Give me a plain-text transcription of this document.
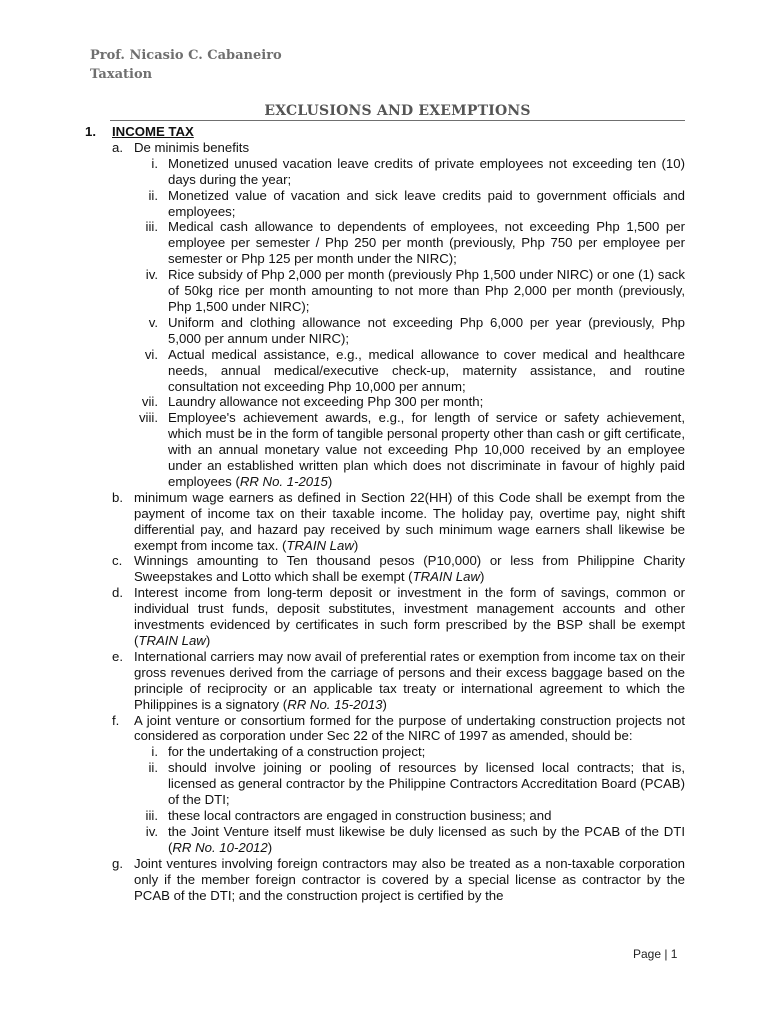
Prof. Nicasio C. Cabaneiro
Taxation
EXCLUSIONS AND EXEMPTIONS
1.	INCOME TAX
a. De minimis benefits
i. Monetized unused vacation leave credits of private employees not exceeding ten (10) days during the year;
ii. Monetized value of vacation and sick leave credits paid to government officials and employees;
iii. Medical cash allowance to dependents of employees, not exceeding Php 1,500 per employee per semester / Php 250 per month (previously, Php 750 per employee per semester or Php 125 per month under the NIRC);
iv. Rice subsidy of Php 2,000 per month (previously Php 1,500 under NIRC) or one (1) sack of 50kg rice per month amounting to not more than Php 2,000 per month (previously, Php 1,500 under NIRC);
v. Uniform and clothing allowance not exceeding Php 6,000 per year (previously, Php 5,000 per annum under NIRC);
vi. Actual medical assistance, e.g., medical allowance to cover medical and healthcare needs, annual medical/executive check-up, maternity assistance, and routine consultation not exceeding Php 10,000 per annum;
vii. Laundry allowance not exceeding Php 300 per month;
viii. Employee's achievement awards, e.g., for length of service or safety achievement, which must be in the form of tangible personal property other than cash or gift certificate, with an annual monetary value not exceeding Php 10,000 received by an employee under an established written plan which does not discriminate in favour of highly paid employees (RR No. 1-2015)
b. minimum wage earners as defined in Section 22(HH) of this Code shall be exempt from the payment of income tax on their taxable income. The holiday pay, overtime pay, night shift differential pay, and hazard pay received by such minimum wage earners shall likewise be exempt from income tax. (TRAIN Law)
c. Winnings amounting to Ten thousand pesos (P10,000) or less from Philippine Charity Sweepstakes and Lotto which shall be exempt (TRAIN Law)
d. Interest income from long-term deposit or investment in the form of savings, common or individual trust funds, deposit substitutes, investment management accounts and other investments evidenced by certificates in such form prescribed by the BSP shall be exempt (TRAIN Law)
e. International carriers may now avail of preferential rates or exemption from income tax on their gross revenues derived from the carriage of persons and their excess baggage based on the principle of reciprocity or an applicable tax treaty or international agreement to which the Philippines is a signatory (RR No. 15-2013)
f.	A joint venture or consortium formed for the purpose of undertaking construction projects not considered as corporation under Sec 22 of the NIRC of 1997 as amended, should be:
i. for the undertaking of a construction project;
ii. should involve joining or pooling of resources by licensed local contracts; that is, licensed as general contractor by the Philippine Contractors Accreditation Board (PCAB) of the DTI;
iii. these local contractors are engaged in construction business; and
iv. the Joint Venture itself must likewise be duly licensed as such by the PCAB of the DTI (RR No. 10-2012)
g. Joint ventures involving foreign contractors may also be treated as a non-taxable corporation only if the member foreign contractor is covered by a special license as contractor by the PCAB of the DTI; and the construction project is certified by the
Page | 1
